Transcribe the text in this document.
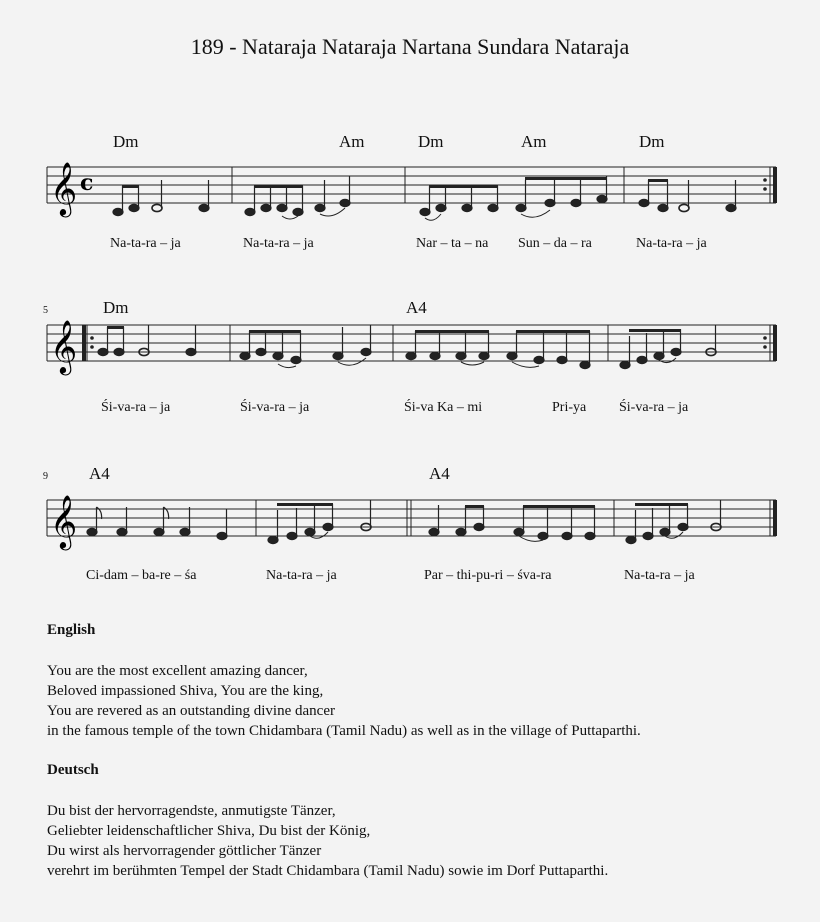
189 - Nataraja Nataraja Nartana Sundara Nataraja
Dm	Am	Dm	Am	Dm
𝄞 c
Na-ta-ra – ja	Na-ta-ra – ja	Nar – ta – na Sun – da – ra	Na-ta-ra – ja
5	Dm	A4
𝄞
Śi-va-ra – ja	Śi-va-ra – ja	Śi-va Ka – mi	Pri-ya Śi-va-ra – ja
9 A4	A4
𝄞
Ci-dam – ba-re – śa	Na-ta-ra – ja	Par – thi-pu-ri – śva-ra	Na-ta-ra – ja
English
You are the most excellent amazing dancer,
Beloved impassioned Shiva, You are the king,
You are revered as an outstanding divine dancer
in the famous temple of the town Chidambara (Tamil Nadu) as well as in the village of Puttaparthi.
Deutsch
Du bist der hervorragendste, anmutigste Tänzer,
Geliebter leidenschaftlicher Shiva, Du bist der König,
Du wirst als hervorragender göttlicher Tänzer
verehrt im berühmten Tempel der Stadt Chidambara (Tamil Nadu) sowie im Dorf Puttaparthi.
